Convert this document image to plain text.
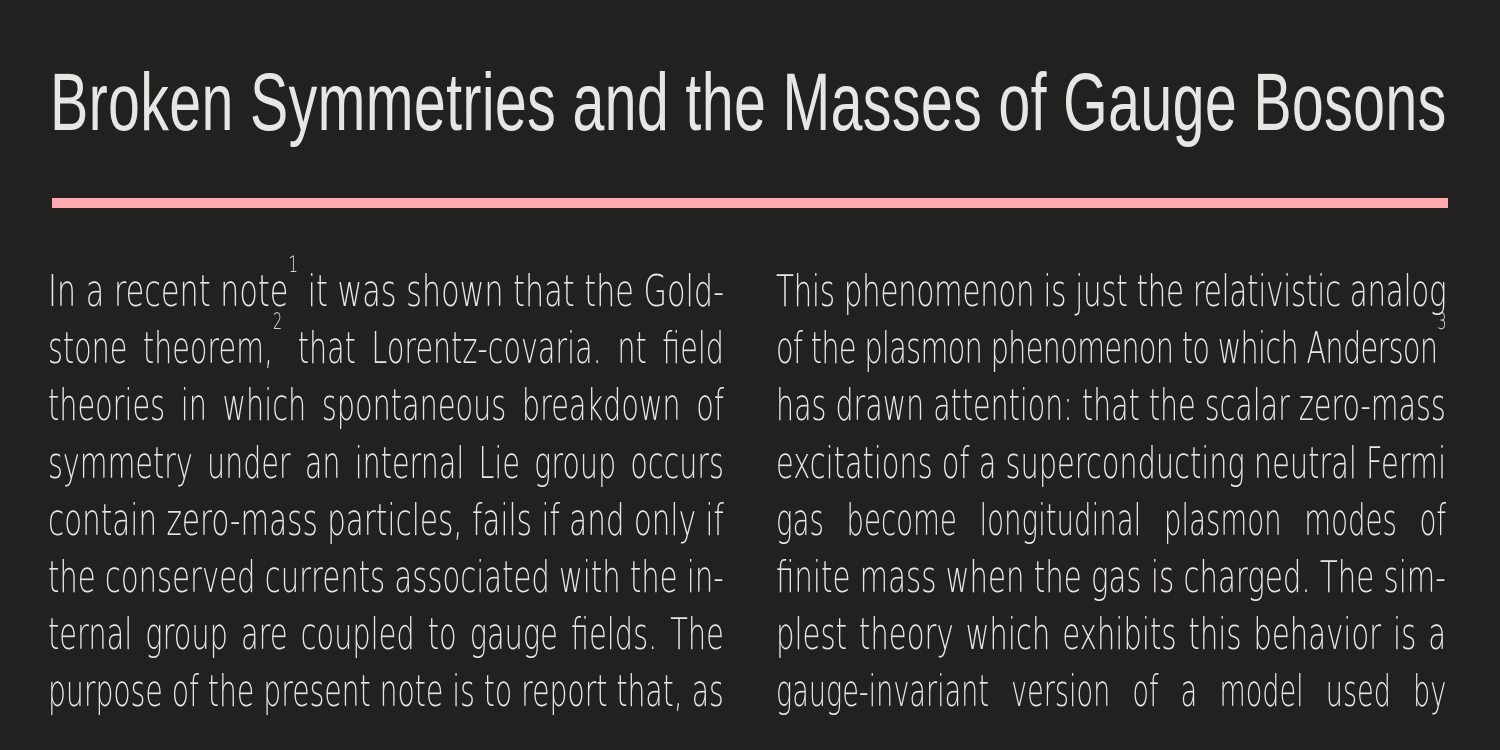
Broken Symmetries and the Masses of Gauge Bosons
In a recent note
1
it was shown that the Gold-
stone theorem,
2
that Lorentz-covaria. nt field
theories in which spontaneous breakdown of
symmetry under an internal Lie group occurs
contain zero-mass particles, fails if and only if
the conserved currents associated with the in-
ternal group are coupled to gauge fields. The
purpose of the present note is to report that, as
This phenomenon is just the relativistic analog
of the plasmon phenomenon to which Anderson
3
has drawn attention: that the scalar zero-mass
excitations of a superconducting neutral Fermi
gas become longitudinal plasmon modes of
finite mass when the gas is charged. The sim-
plest theory which exhibits this behavior is a
gauge-invariant version of a model used by
